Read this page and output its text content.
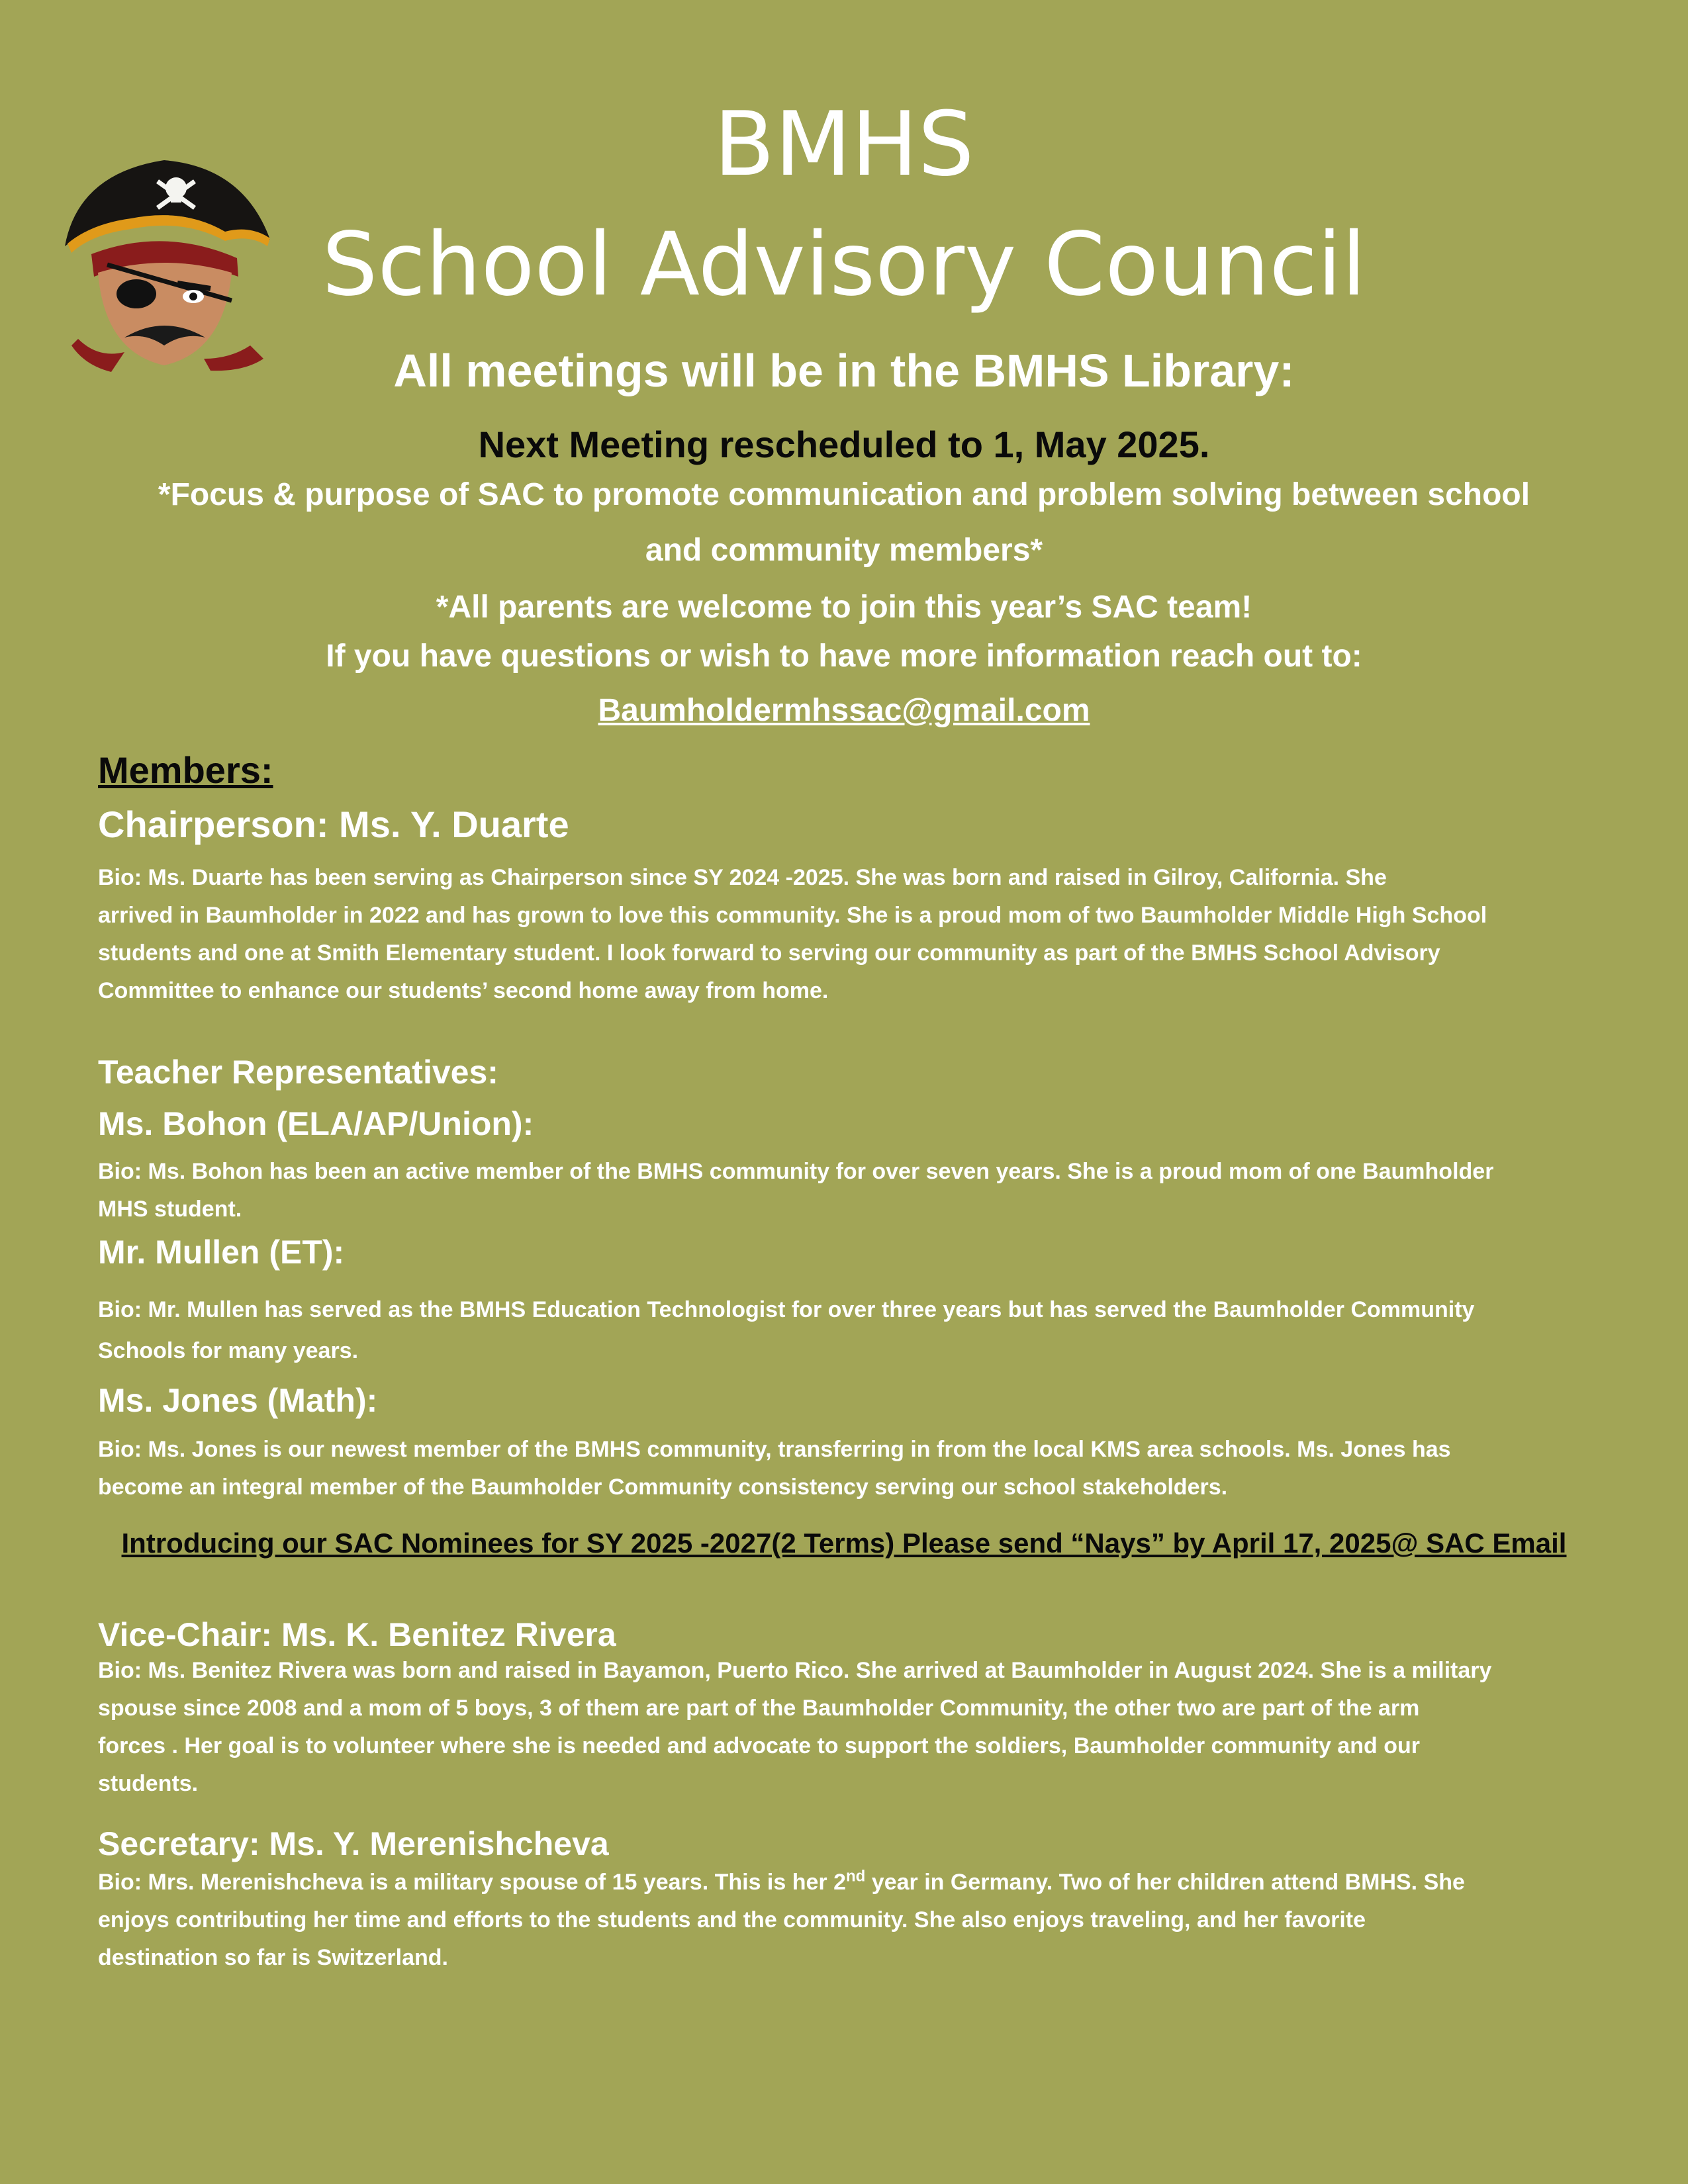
BMHS
School Advisory Council

All meetings will be in the BMHS Library:

Next Meeting rescheduled to 1, May 2025.

*Focus & purpose of SAC to promote communication and problem solving between school
and community members*

*All parents are welcome to join this year’s SAC team!

If you have questions or wish to have more information reach out to:

Baumholdermhssac@gmail.com

Members:

Chairperson: Ms. Y. Duarte

Bio: Ms. Duarte has been serving as Chairperson since SY 2024 -2025. She was born and raised in Gilroy, California. She
arrived in Baumholder in 2022 and has grown to love this community. She is a proud mom of two Baumholder Middle High School
students and one at Smith Elementary student. I look forward to serving our community as part of the BMHS School Advisory
Committee to enhance our students’ second home away from home.

Teacher Representatives:

Ms. Bohon (ELA/AP/Union):

Bio: Ms. Bohon has been an active member of the BMHS community for over seven years. She is a proud mom of one Baumholder
MHS student.

Mr. Mullen (ET):

Bio: Mr. Mullen has served as the BMHS Education Technologist for over three years but has served the Baumholder Community
Schools for many years.

Ms. Jones (Math):

Bio: Ms. Jones is our newest member of the BMHS community, transferring in from the local KMS area schools. Ms. Jones has
become an integral member of the Baumholder Community consistency serving our school stakeholders.

Introducing our SAC Nominees for SY 2025 -2027(2 Terms) Please send “Nays” by April 17, 2025@ SAC Email

Vice-Chair: Ms. K. Benitez Rivera

Bio: Ms. Benitez Rivera was born and raised in Bayamon, Puerto Rico. She arrived at Baumholder in August 2024. She is a military
spouse since 2008 and a mom of 5 boys, 3 of them are part of the Baumholder Community, the other two are part of the arm
forces . Her goal is to volunteer where she is needed and advocate to support the soldiers, Baumholder community and our
students.

Secretary: Ms. Y. Merenishcheva

Bio: Mrs. Merenishcheva is a military spouse of 15 years. This is her 2nd year in Germany. Two of her children attend BMHS. She
enjoys contributing her time and efforts to the students and the community. She also enjoys traveling, and her favorite
destination so far is Switzerland.
